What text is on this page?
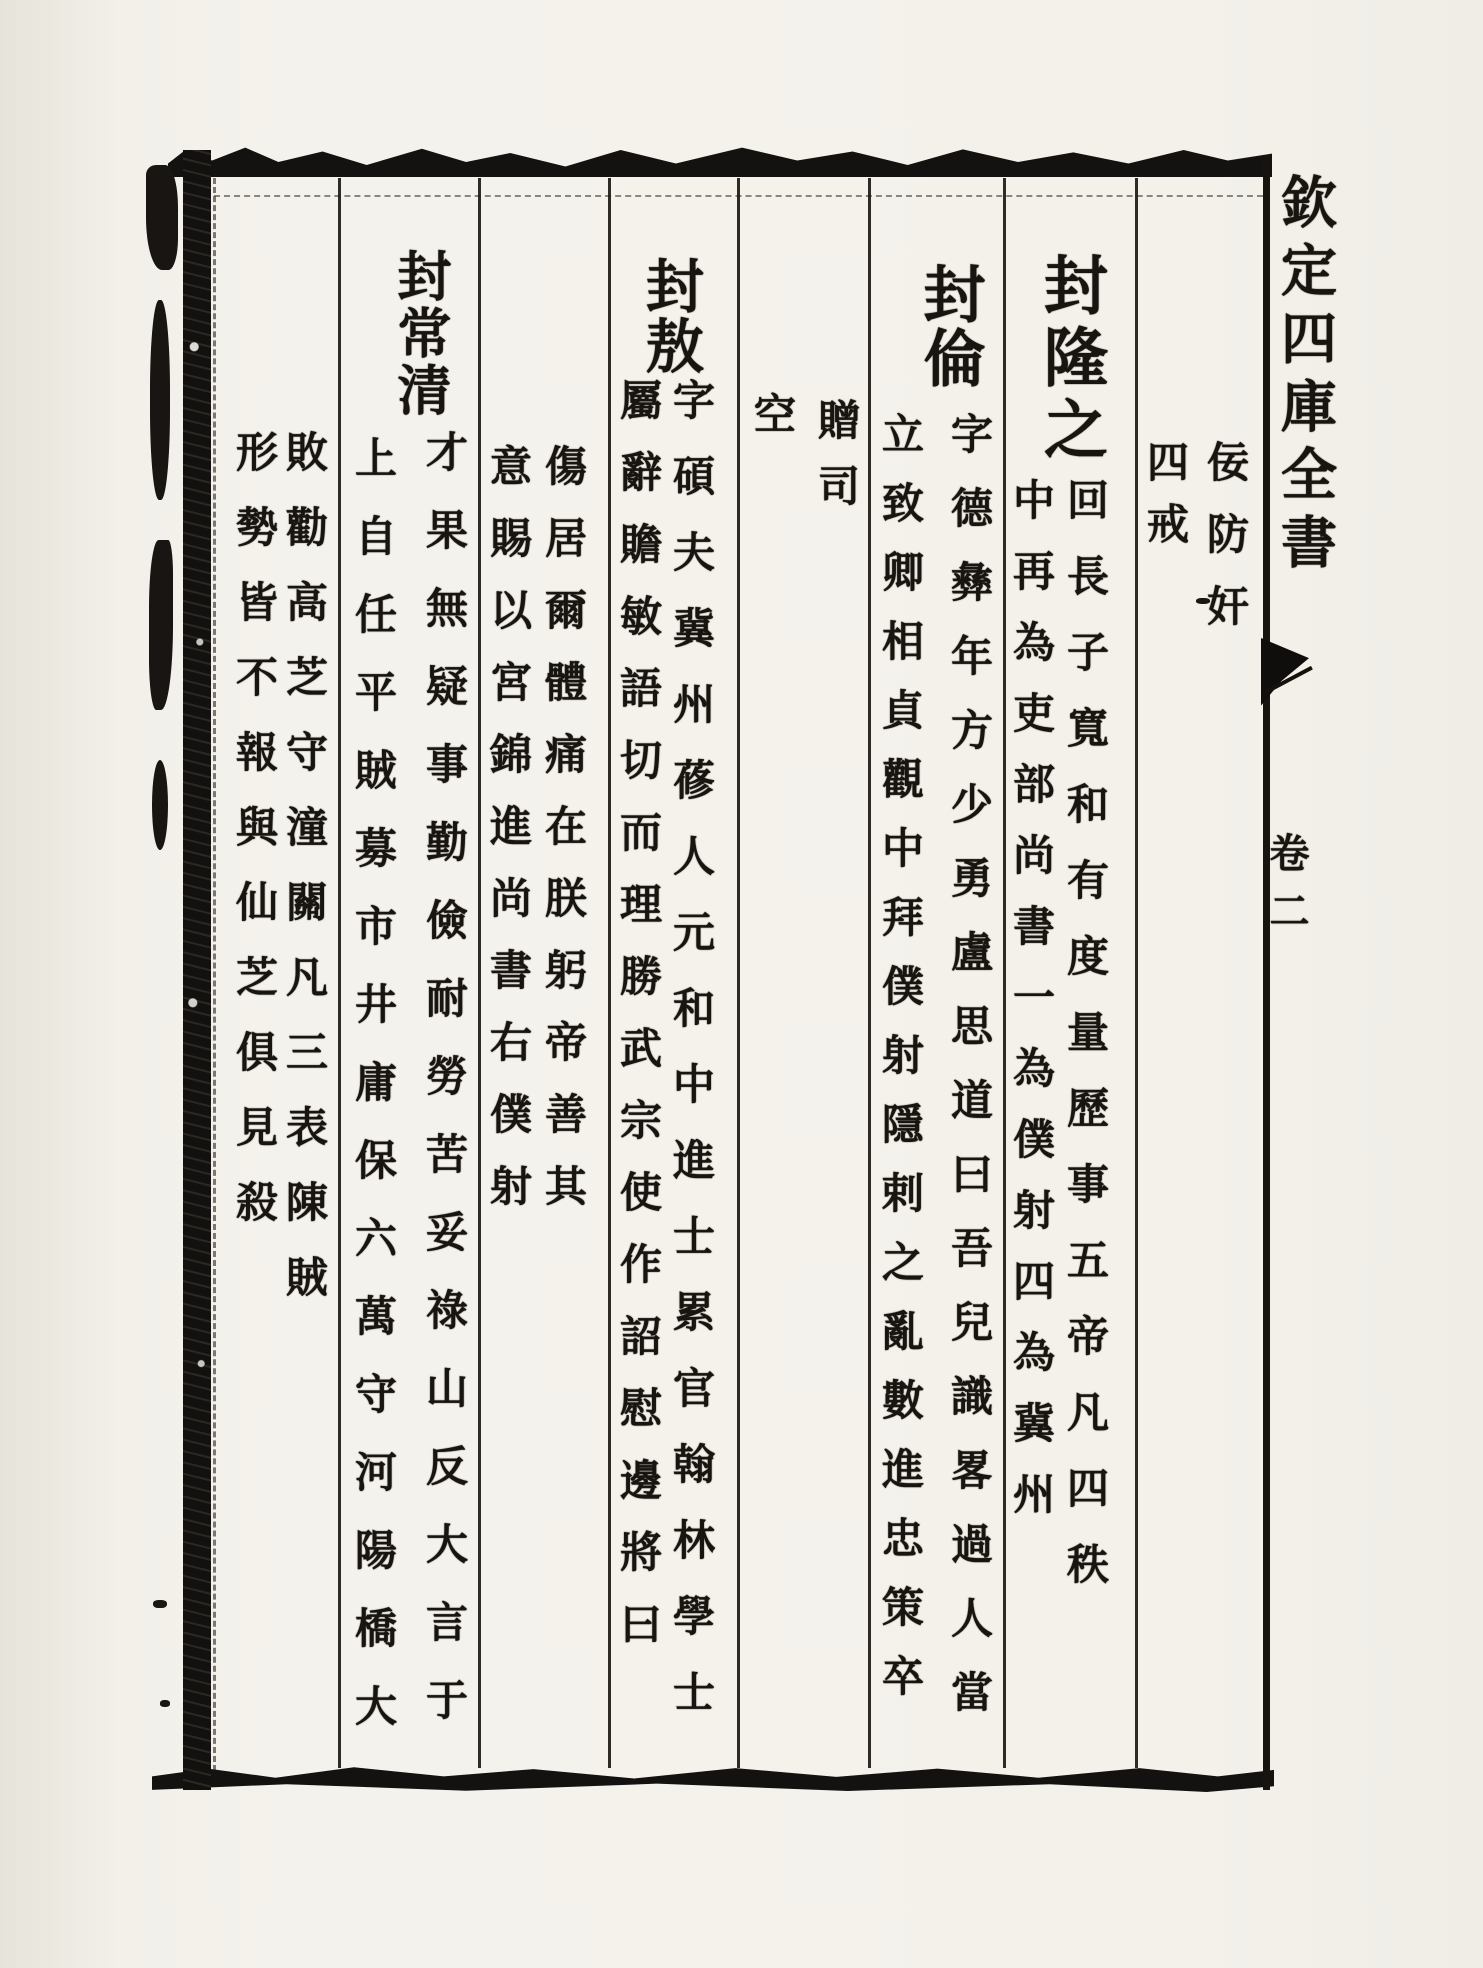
欽定四庫全書
卷二
佞防奸
四戒
封隆之
回長子寬和有度量歷事五帝凡四秩
中再為吏部尚書一為僕射四為冀州
封倫
字德彝年方少勇盧思道曰吾兒識畧過人當
立致卿相貞觀中拜僕射隱剌之亂數進忠策卒
贈司
空
封敖
字碩夫冀州蓚人元和中進士累官翰林學士
屬辭贍敏語切而理勝武宗使作詔慰邊將曰
傷居爾體痛在朕躬帝善其
意賜以宮錦進尚書右僕射
封常清
才果無疑事勤儉耐勞苦妥祿山反大言于
上自任平賊募市井庸保六萬守河陽橋大
敗勸高芝守潼關凡三表陳賊
形勢皆不報與仙芝俱見殺
